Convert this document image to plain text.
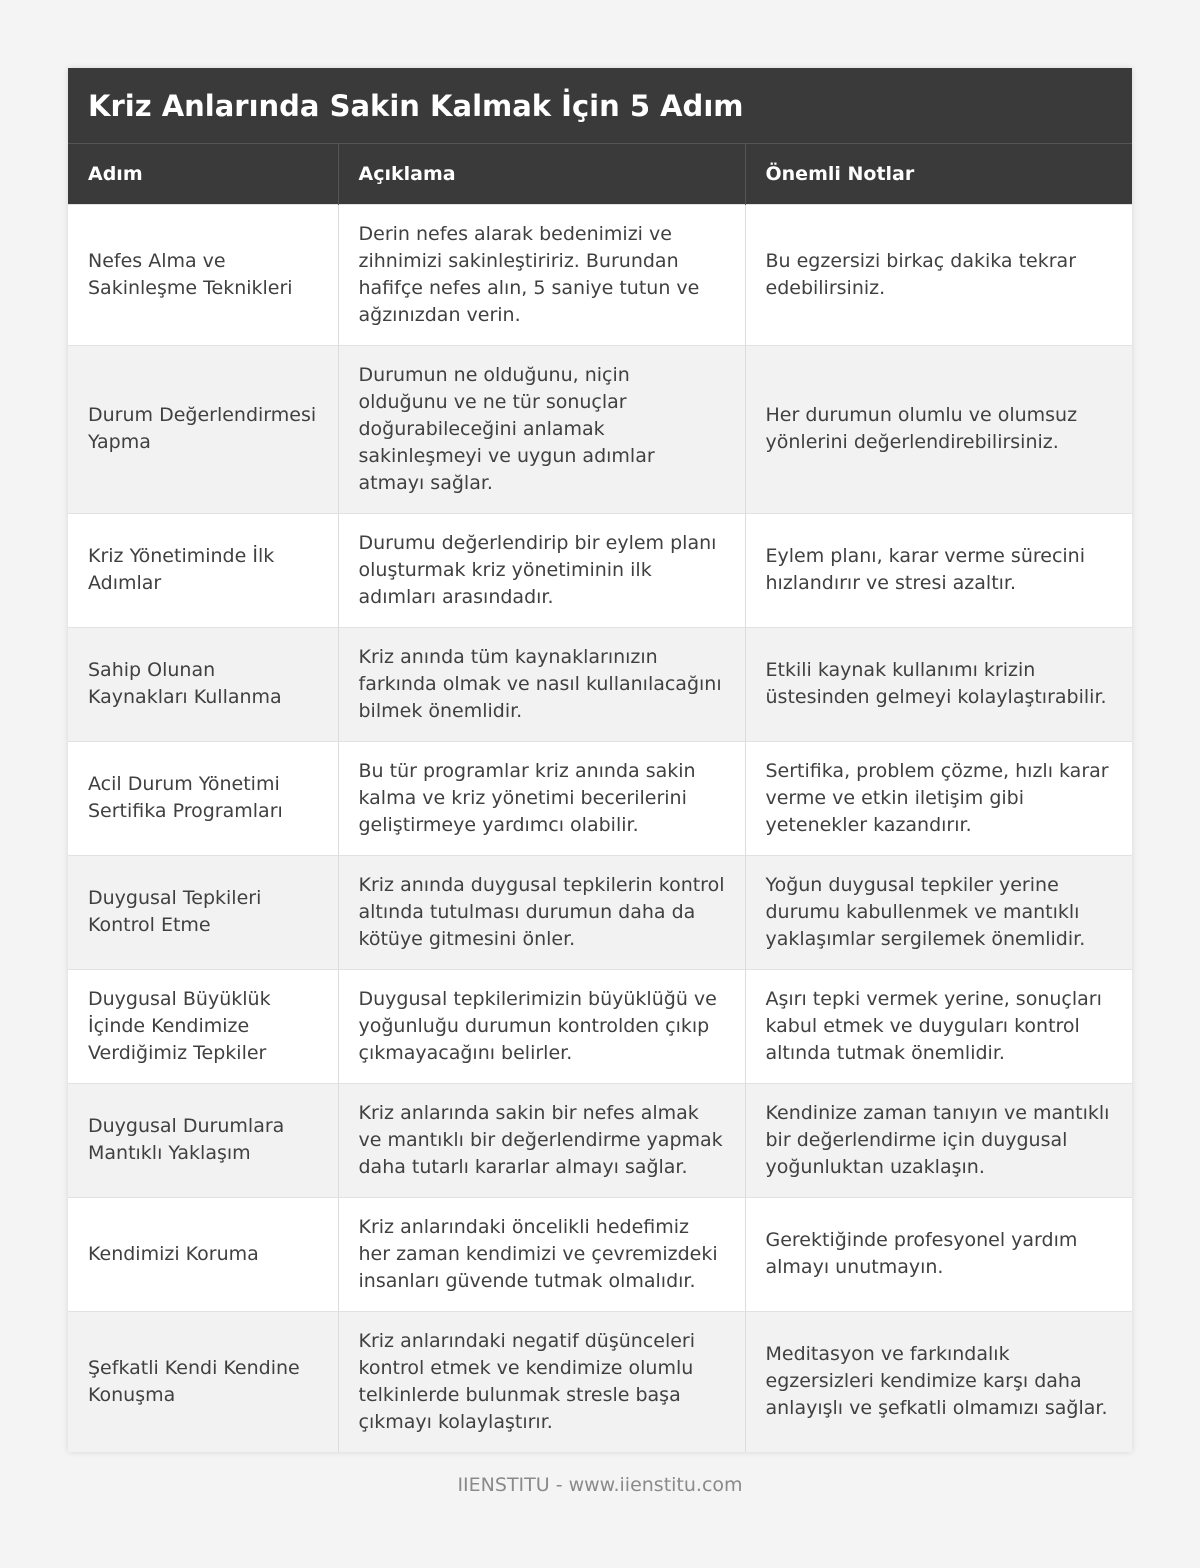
Kriz Anlarında Sakin Kalmak İçin 5 Adım
Adım	Açıklama	Önemli Notlar
Nefes Alma ve Sakinleşme Teknikleri	Derin nefes alarak bedenimizi ve zihnimizi sakinleştiririz. Burundan hafifçe nefes alın, 5 saniye tutun ve ağzınızdan verin.	Bu egzersizi birkaç dakika tekrar edebilirsiniz.
Durum Değerlendirmesi Yapma	Durumun ne olduğunu, niçin olduğunu ve ne tür sonuçlar doğurabileceğini anlamak sakinleşmeyi ve uygun adımlar atmayı sağlar.	Her durumun olumlu ve olumsuz yönlerini değerlendirebilirsiniz.
Kriz Yönetiminde İlk Adımlar	Durumu değerlendirip bir eylem planı oluşturmak kriz yönetiminin ilk adımları arasındadır.	Eylem planı, karar verme sürecini hızlandırır ve stresi azaltır.
Sahip Olunan Kaynakları Kullanma	Kriz anında tüm kaynaklarınızın farkında olmak ve nasıl kullanılacağını bilmek önemlidir.	Etkili kaynak kullanımı krizin üstesinden gelmeyi kolaylaştırabilir.
Acil Durum Yönetimi Sertifika Programları	Bu tür programlar kriz anında sakin kalma ve kriz yönetimi becerilerini geliştirmeye yardımcı olabilir.	Sertifika, problem çözme, hızlı karar verme ve etkin iletişim gibi yetenekler kazandırır.
Duygusal Tepkileri Kontrol Etme	Kriz anında duygusal tepkilerin kontrol altında tutulması durumun daha da kötüye gitmesini önler.	Yoğun duygusal tepkiler yerine durumu kabullenmek ve mantıklı yaklaşımlar sergilemek önemlidir.
Duygusal Büyüklük İçinde Kendimize Verdiğimiz Tepkiler	Duygusal tepkilerimizin büyüklüğü ve yoğunluğu durumun kontrolden çıkıp çıkmayacağını belirler.	Aşırı tepki vermek yerine, sonuçları kabul etmek ve duyguları kontrol altında tutmak önemlidir.
Duygusal Durumlara Mantıklı Yaklaşım	Kriz anlarında sakin bir nefes almak ve mantıklı bir değerlendirme yapmak daha tutarlı kararlar almayı sağlar.	Kendinize zaman tanıyın ve mantıklı bir değerlendirme için duygusal yoğunluktan uzaklaşın.
Kendimizi Koruma	Kriz anlarındaki öncelikli hedefimiz her zaman kendimizi ve çevremizdeki insanları güvende tutmak olmalıdır.	Gerektiğinde profesyonel yardım almayı unutmayın.
Şefkatli Kendi Kendine Konuşma	Kriz anlarındaki negatif düşünceleri kontrol etmek ve kendimize olumlu telkinlerde bulunmak stresle başa çıkmayı kolaylaştırır.	Meditasyon ve farkındalık egzersizleri kendimize karşı daha anlayışlı ve şefkatli olmamızı sağlar.
IIENSTITU - www.iienstitu.com
